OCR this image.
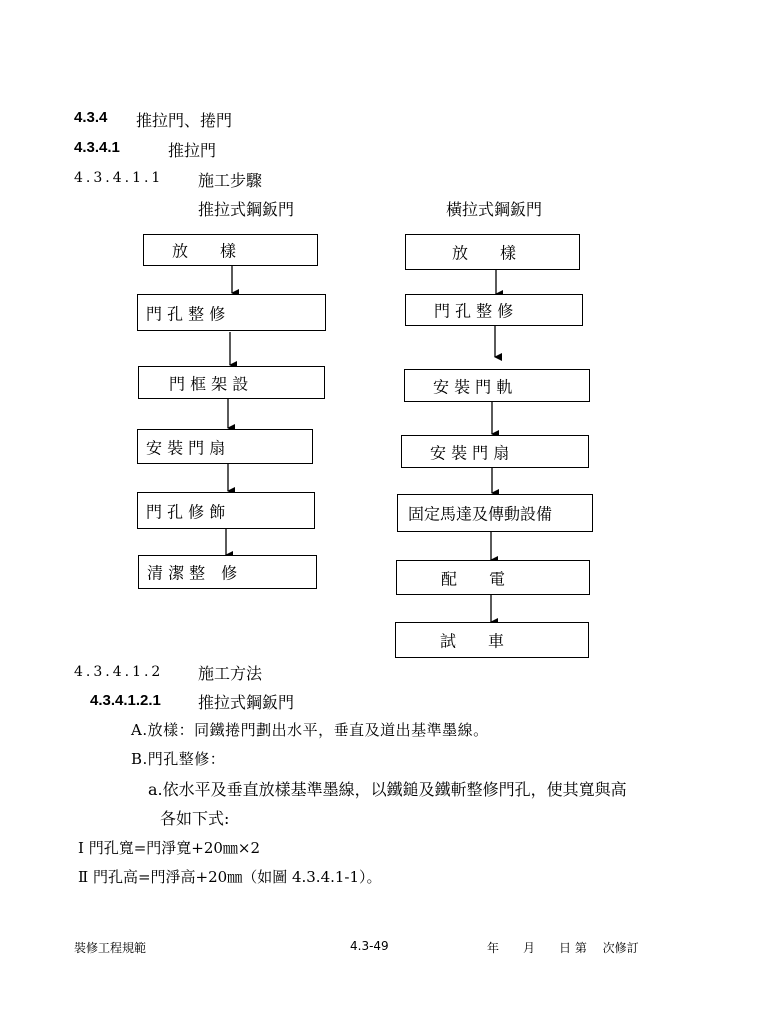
4.3.4 推拉門、捲門
4.3.4.1	推拉門
4.3.4.1.1 施工步驟
推拉式鋼鈑門	橫拉式鋼鈑門
放　　樣
門 孔 整 修
門 框 架 設
安 裝 門 扇
門 孔 修 飾
清 潔 整　修
放　　樣
門 孔 整 修
安 裝 門 軌
安 裝 門 扇
固定馬達及傳動設備
配　　電
試　　車
4.3.4.1.2 施工方法
4.3.4.1.2.1 推拉式鋼鈑門
A.放樣：同鐵捲門劃出水平，垂直及道出基準墨線。
B.門孔整修：
a.依水平及垂直放樣基準墨線，以鐵鎚及鐵斬整修門孔，使其寬與高
各如下式:
Ⅰ 門孔寬=門淨寬+20㎜×2
Ⅱ 門孔高=門淨高+20㎜（如圖 4.3.4.1-1）。
裝修工程規範	4.3-49	年　　月　　日 第　 次修訂
